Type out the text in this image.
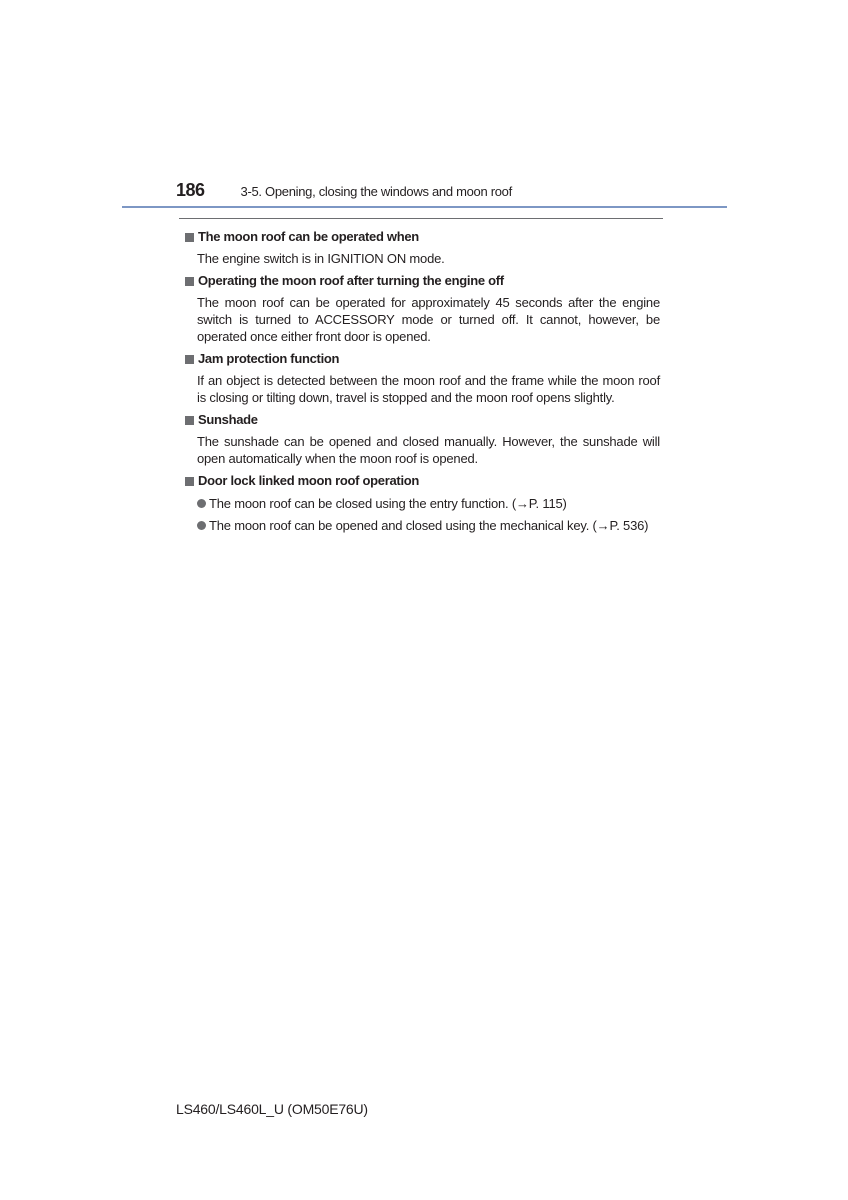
186	3-5. Opening, closing the windows and moon roof
The moon roof can be operated when
The engine switch is in IGNITION ON mode.
Operating the moon roof after turning the engine off
The moon roof can be operated for approximately 45 seconds after the engine switch is turned to ACCESSORY mode or turned off. It cannot, however, be operated once either front door is opened.
Jam protection function
If an object is detected between the moon roof and the frame while the moon roof is closing or tilting down, travel is stopped and the moon roof opens slightly.
Sunshade
The sunshade can be opened and closed manually. However, the sunshade will open automatically when the moon roof is opened.
Door lock linked moon roof operation
The moon roof can be closed using the entry function. (→P. 115)
The moon roof can be opened and closed using the mechanical key. (→P. 536)
LS460/LS460L_U (OM50E76U)
